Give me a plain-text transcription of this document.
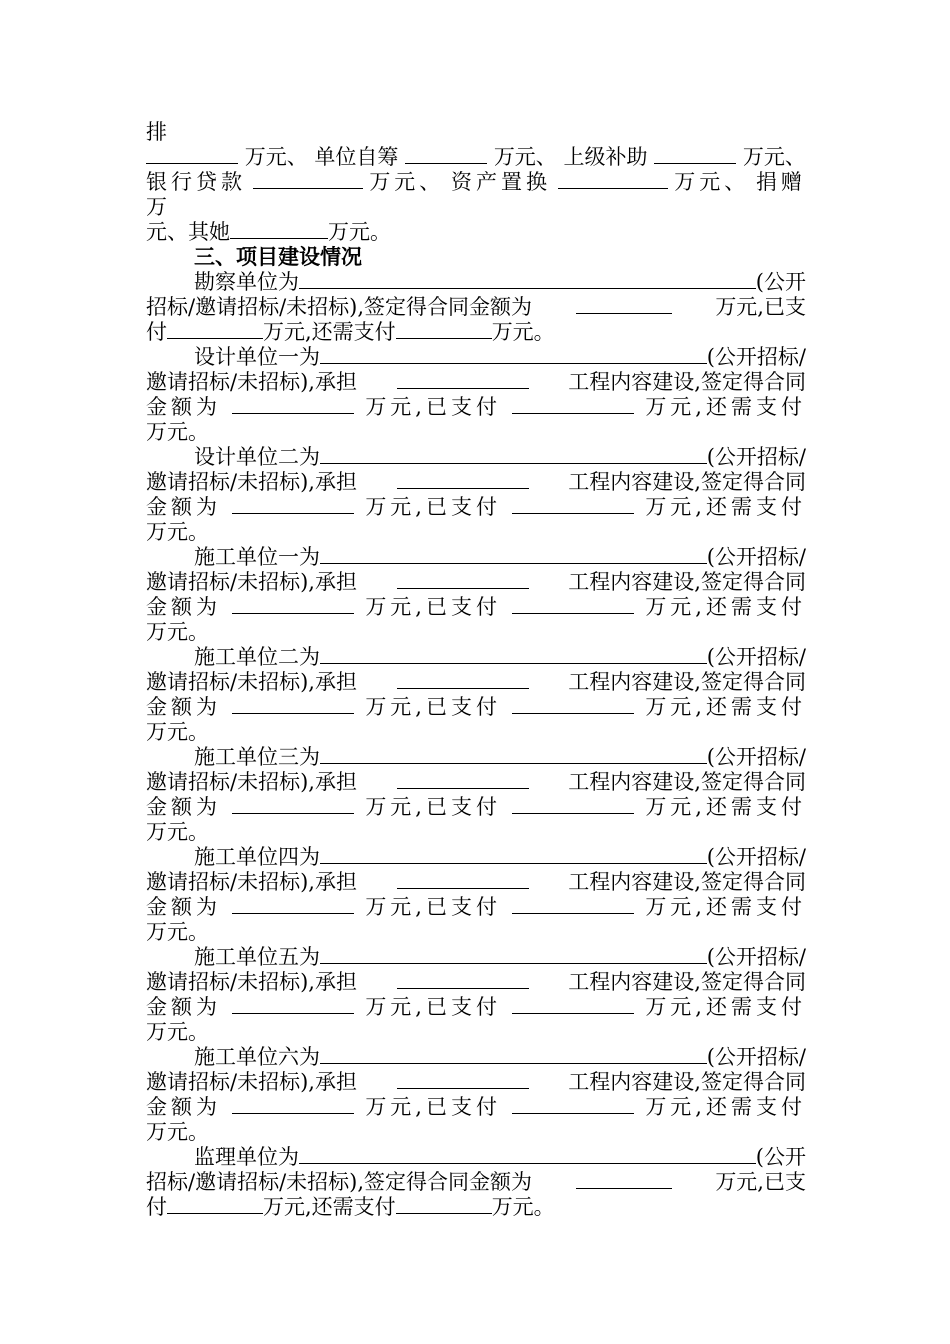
排
万元、 单位自筹	万元、 上级补助	万元、
银行贷款	万元、 资产置换	万元、 捐赠
万
元、 其她	万元。
三、项目建设情况
勘察单位为	(公开
招标/邀请招标/未招标),签定得合同金额为	万元,已支
付	万元,还需支付	万元。
设计单位一为	(公开招标/
邀请招标/未招标),承担	工程内容建设,签定得合同
金额为	万元,已支付	万元,还需支付
万元。
设计单位二为	(公开招标/
邀请招标/未招标),承担	工程内容建设,签定得合同
金额为	万元,已支付	万元,还需支付
万元。
施工单位一为	(公开招标/
邀请招标/未招标),承担	工程内容建设,签定得合同
金额为	万元,已支付	万元,还需支付
万元。
施工单位二为	(公开招标/
邀请招标/未招标),承担	工程内容建设,签定得合同
金额为	万元,已支付	万元,还需支付
万元。
施工单位三为	(公开招标/
邀请招标/未招标),承担	工程内容建设,签定得合同
金额为	万元,已支付	万元,还需支付
万元。
施工单位四为	(公开招标/
邀请招标/未招标),承担	工程内容建设,签定得合同
金额为	万元,已支付	万元,还需支付
万元。
施工单位五为	(公开招标/
邀请招标/未招标),承担	工程内容建设,签定得合同
金额为	万元,已支付	万元,还需支付
万元。
施工单位六为	(公开招标/
邀请招标/未招标),承担	工程内容建设,签定得合同
金额为	万元,已支付	万元,还需支付
万元。
监理单位为	(公开
招标/邀请招标/未招标),签定得合同金额为	万元,已支
付	万元,还需支付	万元。
